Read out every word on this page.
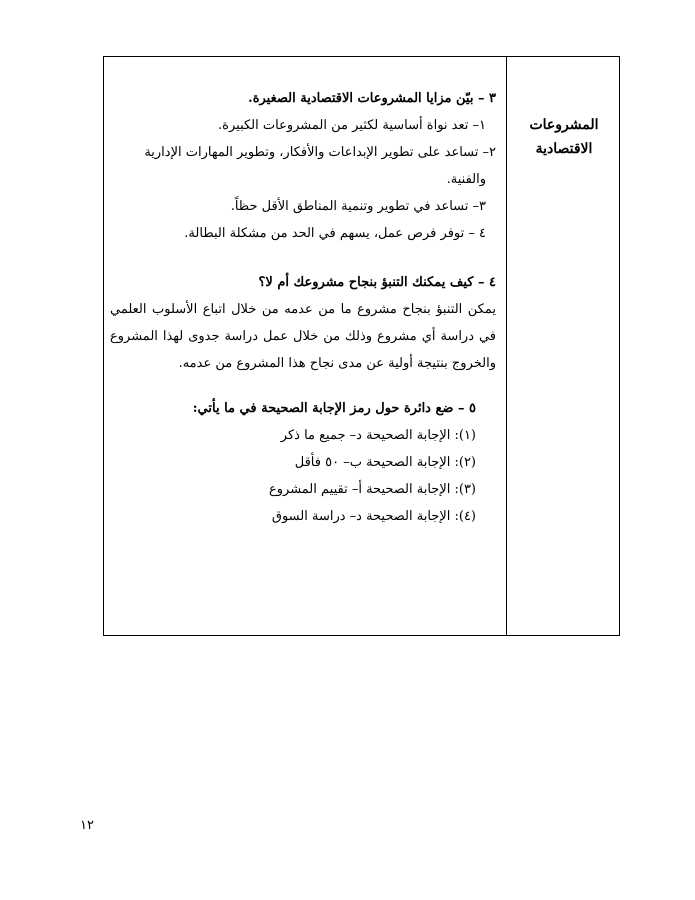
المشروعات
الاقتصادية
٣ – بيّن مزايا المشروعات الاقتصادية الصغيرة.
١– تعد نواة أساسية لكثير من المشروعات الكبيرة.
٢– تساعد على تطوير الإبداعات والأفكار، وتطوير المهارات الإدارية
والفنية.
٣– تساعد في تطوير وتنمية المناطق الأقل حظاً.
٤ – توفر فرص عمل، يسهم في الحد من مشكلة البطالة.
٤ – كيف يمكنك التنبؤ بنجاح مشروعك أم لا؟
يمكن التنبؤ بنجاح مشروع ما من عدمه من خلال اتباع الأسلوب العلمي
في دراسة أي مشروع وذلك من خلال عمل دراسة جدوى لهذا المشروع
والخروج بنتيجة أولية عن مدى نجاح هذا المشروع من عدمه.
٥ – ضع دائرة حول رمز الإجابة الصحيحة في ما يأتي:
(١): الإجابة الصحيحة د– جميع ما ذكر
(٢): الإجابة الصحيحة ب– ٥٠ فأقل
(٣): الإجابة الصحيحة أ– تقييم المشروع
(٤): الإجابة الصحيحة د– دراسة السوق
١٢
